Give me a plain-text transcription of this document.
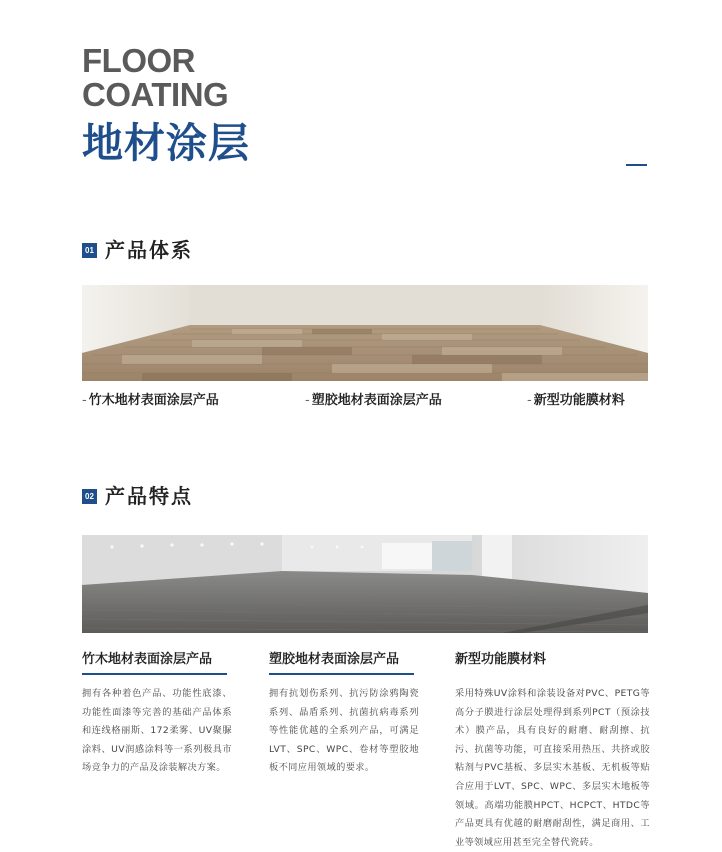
FLOOR
COATING
地材涂层
01 产品体系
- 竹木地材表面涂层产品	- 塑胶地材表面涂层产品	- 新型功能膜材料
02 产品特点
竹木地材表面涂层产品
拥有各种着色产品、功能性底漆、功能性面漆等完善的基础产品体系和连线格丽斯、172柔雾、UV聚脲涂料、UV润感涂料等一系列极具市场竞争力的产品及涂装解决方案。
塑胶地材表面涂层产品
拥有抗划伤系列、抗污防涂鸦陶瓷系列、晶盾系列、抗菌抗病毒系列等性能优越的全系列产品，可满足LVT、SPC、WPC、卷材等塑胶地板不同应用领域的要求。
新型功能膜材料
采用特殊UV涂料和涂装设备对PVC、PETG等高分子膜进行涂层处理得到系列PCT（预涂技术）膜产品，具有良好的耐磨、耐刮擦、抗污、抗菌等功能，可直接采用热压、共挤或胶粘剂与PVC基板、多层实木基板、无机板等贴合应用于LVT、SPC、WPC、多层实木地板等领域。高端功能膜HPCT、HCPCT、HTDC等产品更具有优越的耐磨耐刮性，满足商用、工业等领域应用甚至完全替代瓷砖。
